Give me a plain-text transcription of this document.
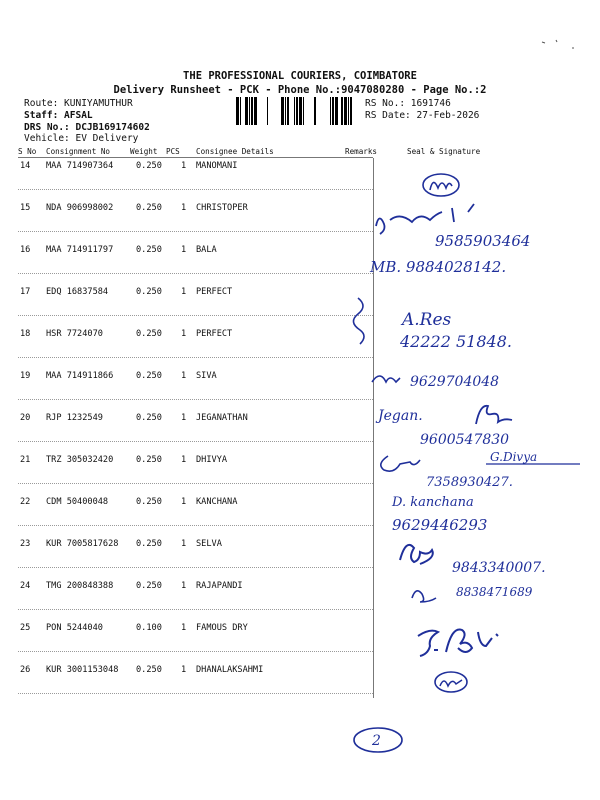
THE PROFESSIONAL COURIERS, COIMBATORE
Delivery Runsheet - PCK - Phone No.:9047080280 - Page No.:2
Route: KUNIYAMUTHUR
Staff: AFSAL
DRS No.: DCJB169174602
Vehicle: EV Delivery
RS No.: 1691746
RS Date: 27-Feb-2026
S No Consignment No	Weight PCS Consignee Details	Remarks	Seal & Signature
14 MAA 714907364	0.250 1 MANOMANI
15 NDA 906998002	0.250 1 CHRISTOPER
16 MAA 714911797	0.250 1 BALA
17 EDQ 16837584	0.250 1 PERFECT
18 HSR 7724070	0.250 1 PERFECT
19 MAA 714911866	0.250 1 SIVA
20 RJP 1232549	0.250 1 JEGANATHAN
21 TRZ 305032420	0.250 1 DHIVYA
22 CDM 50400048	0.250 1 KANCHANA
23 KUR 7005817628 0.250 1 SELVA
24 TMG 200848388	0.250 1 RAJAPANDI
25 PON 5244040	0.100 1 FAMOUS DRY
26 KUR 3001153048 0.250 1 DHANALAKSAHMI
9585903464
MB. 9884028142.
A.Res
42222 51848.
9629704048
Jegan.
9600547830
G.Divya
7358930427.
D. kanchana
9629446293
9843340007.
8838471689
2
